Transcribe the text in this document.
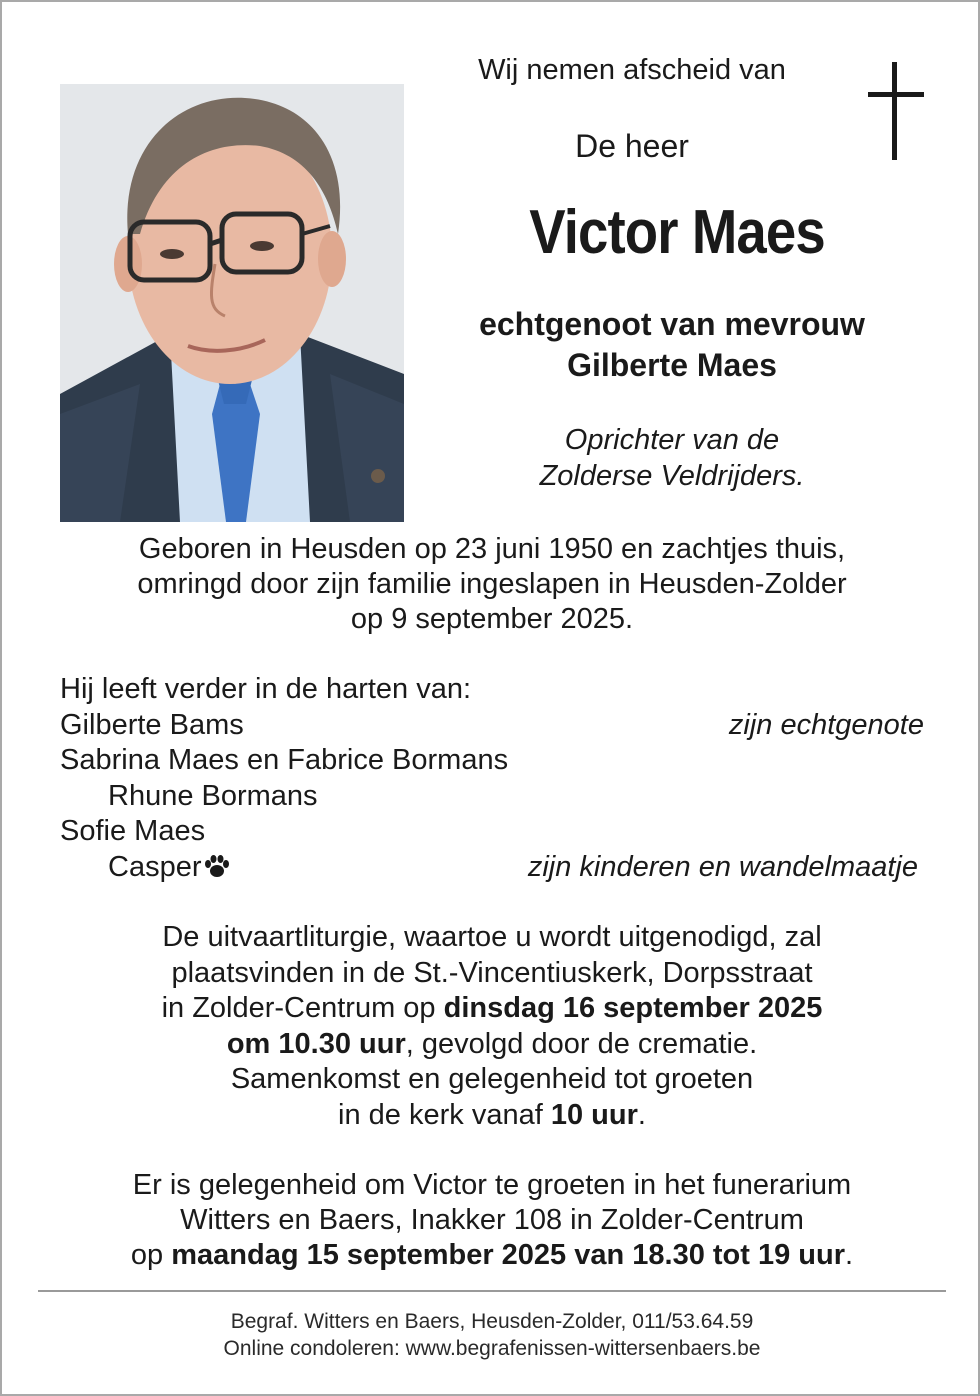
Wij nemen afscheid van
De heer
Victor Maes
echtgenoot van mevrouw
Gilberte Maes
Oprichter van de
Zolderse Veldrijders.
Geboren in Heusden op 23 juni 1950 en zachtjes thuis,
omringd door zijn familie ingeslapen in Heusden-Zolder
op 9 september 2025.
Hij leeft verder in de harten van:
Gilberte Bams	zijn echtgenote
Sabrina Maes en Fabrice Bormans
Rhune Bormans
Sofie Maes
Casper	zijn kinderen en wandelmaatje
De uitvaartliturgie, waartoe u wordt uitgenodigd, zal
plaatsvinden in de St.-Vincentiuskerk, Dorpsstraat
in Zolder-Centrum op dinsdag 16 september 2025
om 10.30 uur, gevolgd door de crematie.
Samenkomst en gelegenheid tot groeten
in de kerk vanaf 10 uur.
Er is gelegenheid om Victor te groeten in het funerarium
Witters en Baers, Inakker 108 in Zolder-Centrum
op maandag 15 september 2025 van 18.30 tot 19 uur.
Begraf. Witters en Baers, Heusden-Zolder, 011/53.64.59
Online condoleren: www.begrafenissen-wittersenbaers.be
